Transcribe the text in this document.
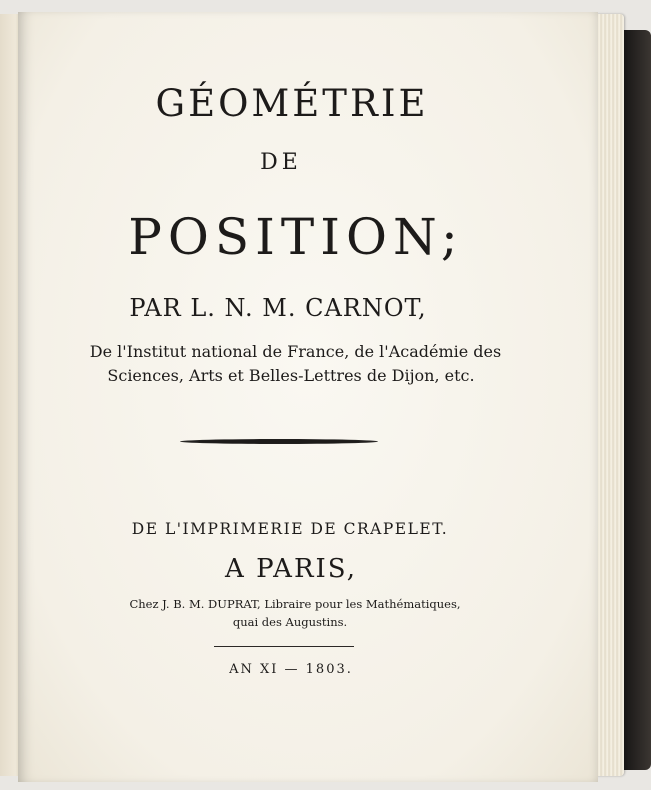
GÉOMÉTRIE
DE
POSITION;
PAR L. N. M. CARNOT,
De l'Institut national de France, de l'Académie des
Sciences, Arts et Belles-Lettres de Dijon, etc.
DE L'IMPRIMERIE DE CRAPELET.
A PARIS,
Chez J. B. M. DUPRAT, Libraire pour les Mathématiques,
quai des Augustins.
AN XI — 1803.
